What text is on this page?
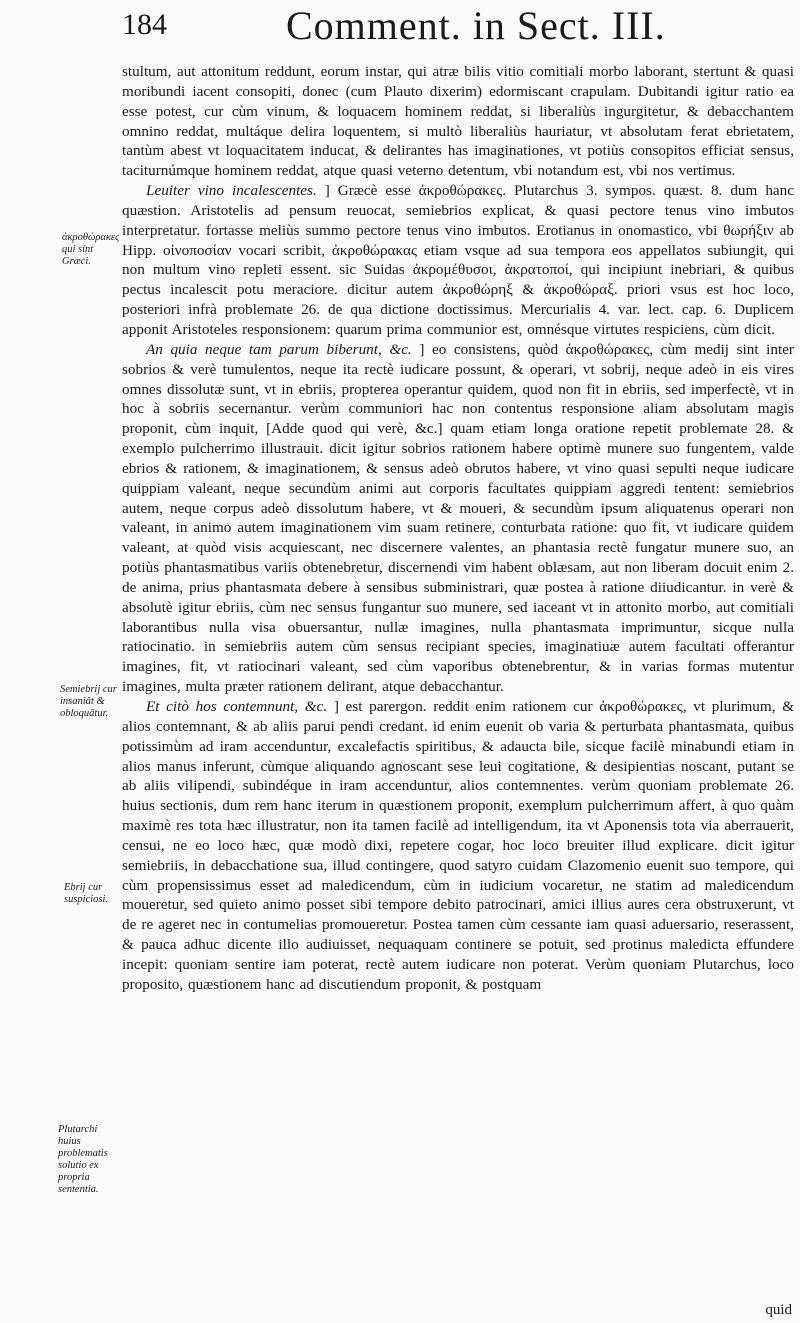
184	Comment. in Sect. III.
ἀκροθώρακες qui sint Græci.
Semiebrij cur insaniât & obloquâtur.
Ebrij cur suspiciosi.
Plutarchi huius problematis solutio ex propria sententia.

stultum, aut attonitum reddunt, eorum instar, qui atræ bilis vitio comitiali morbo laborant, stertunt & quasi moribundi iacent consopiti, donec (cum Plauto dixerim) edormiscant crapulam. Dubitandi igitur ratio ea esse potest, cur cùm vinum, & loquacem hominem reddat, si liberaliùs ingurgitetur, & debacchantem omnino reddat, multáque delira loquentem, si multò liberaliùs hauriatur, vt absolutam ferat ebrietatem, tantùm abest vt loquacitatem inducat, & delirantes has imaginationes, vt potiùs consopitos efficiat sensus, taciturnúmque hominem reddat, atque quasi veterno detentum, vbi notandum est, vbi nos vertimus.

Leuiter vino incalescentes. ] Græcè esse ἀκροθώρακες. Plutarchus 3. sympos. quæst. 8. dum hanc quæstion. Aristotelis ad pensum reuocat, semiebrios explicat, & quasi pectore tenus vino imbutos interpretatur. fortasse meliùs summo pectore tenus vino imbutos. Erotianus in onomastico, vbi θωρήξιν ab Hipp. οἰνοποσίαν vocari scribit, ἀκροθώρακας etiam vsque ad sua tempora eos appellatos subiungit, qui non multum vino repleti essent. sic Suidas ἀκρομέθυσοι, ἀκρατοποί, qui incipiunt inebriari, & quibus pectus incalescit potu meraciore. dicitur autem ἀκροθώρηξ & ἀκροθώραξ. priori vsus est hoc loco, posteriori infrà problemate 26. de qua dictione doctissimus. Mercurialis 4. var. lect. cap. 6. Duplicem apponit Aristoteles responsionem: quarum prima communior est, omnésque virtutes respiciens, cùm dicit.

An quia neque tam parum biberunt, &c. ] eo consistens, quòd ἀκροθώρακες, cùm medij sint inter sobrios & verè tumulentos, neque ita rectè iudicare possunt, & operari, vt sobrij, neque adeò in eis vires omnes dissolutæ sunt, vt in ebriis, propterea operantur quidem, quod non fit in ebriis, sed imperfectè, vt in hoc à sobriis secernantur. verùm communiori hac non contentus responsione aliam absolutam magis proponit, cùm inquit, [Adde quod qui verè, &c.] quam etiam longa oratione repetit problemate 28. & exemplo pulcherrimo illustrauit. dicit igitur sobrios rationem habere optimè munere suo fungentem, valde ebrios & rationem, & imaginationem, & sensus adeò obrutos habere, vt vino quasi sepulti neque iudicare quippiam valeant, neque secundùm animi aut corporis facultates quippiam aggredi tentent: semiebrios autem, neque corpus adeò dissolutum habere, vt & moueri, & secundùm ipsum aliquatenus operari non valeant, in animo autem imaginationem vim suam retinere, conturbata ratione: quo fit, vt iudicare quidem valeant, at quòd visis acquiescant, nec discernere valentes, an phantasia rectè fungatur munere suo, an potiùs phantasmatibus variis obtenebretur, discernendi vim habent oblæsam, aut non liberam docuit enim 2. de anima, prius phantasmata debere à sensibus subministrari, quæ postea à ratione diiudicantur. in verè & absolutè igitur ebriis, cùm nec sensus fungantur suo munere, sed iaceant vt in attonito morbo, aut comitiali laborantibus nulla visa obuersantur, nullæ imagines, nulla phantasmata imprimuntur, sicque nulla ratiocinatio. in semiebriis autem cùm sensus recipiant species, imaginatiuæ autem facultati offerantur imagines, fit, vt ratiocinari valeant, sed cùm vaporibus obtenebrentur, & in varias formas mutentur imagines, multa præter rationem delirant, atque debacchantur.

Et citò hos contemnunt, &c. ] est parergon. reddit enim rationem cur ἀκροθώρακες, vt plurimum, & alios contemnant, & ab aliis parui pendi credant. id enim euenit ob varia & perturbata phantasmata, quibus potissimùm ad iram accenduntur, excalefactis spiritibus, & adaucta bile, sicque facilè minabundi etiam in alios manus inferunt, cùmque aliquando agnoscant sese leui cogitatione, & desipientias noscant, putant se ab aliis vilipendi, subindéque in iram accenduntur, alios contemnentes. verùm quoniam problemate 26. huius sectionis, dum rem hanc iterum in quæstionem proponit, exemplum pulcherrimum affert, à quo quàm maximè res tota hæc illustratur, non ita tamen facilè ad intelligendum, ita vt Aponensis tota via aberrauerit, censui, ne eo loco hæc, quæ modò dixi, repetere cogar, hoc loco breuiter illud explicare. dicit igitur semiebriis, in debacchatione sua, illud contingere, quod satyro cuidam Clazomenio euenit suo tempore, qui cùm propensissimus esset ad maledicendum, cùm in iudicium vocaretur, ne statim ad maledicendum moueretur, sed quieto animo posset sibi tempore debito patrocinari, amici illius aures cera obstruxerunt, vt de re ageret nec in contumelias promoueretur. Postea tamen cùm cessante iam quasi aduersario, reserassent, & pauca adhuc dicente illo audiuisset, nequaquam continere se potuit, sed protinus maledicta effundere incepit: quoniam sentire iam poterat, rectè autem iudicare non poterat. Verùm quoniam Plutarchus, loco proposito, quæstionem hanc ad discutiendum proponit, & postquam

quid
